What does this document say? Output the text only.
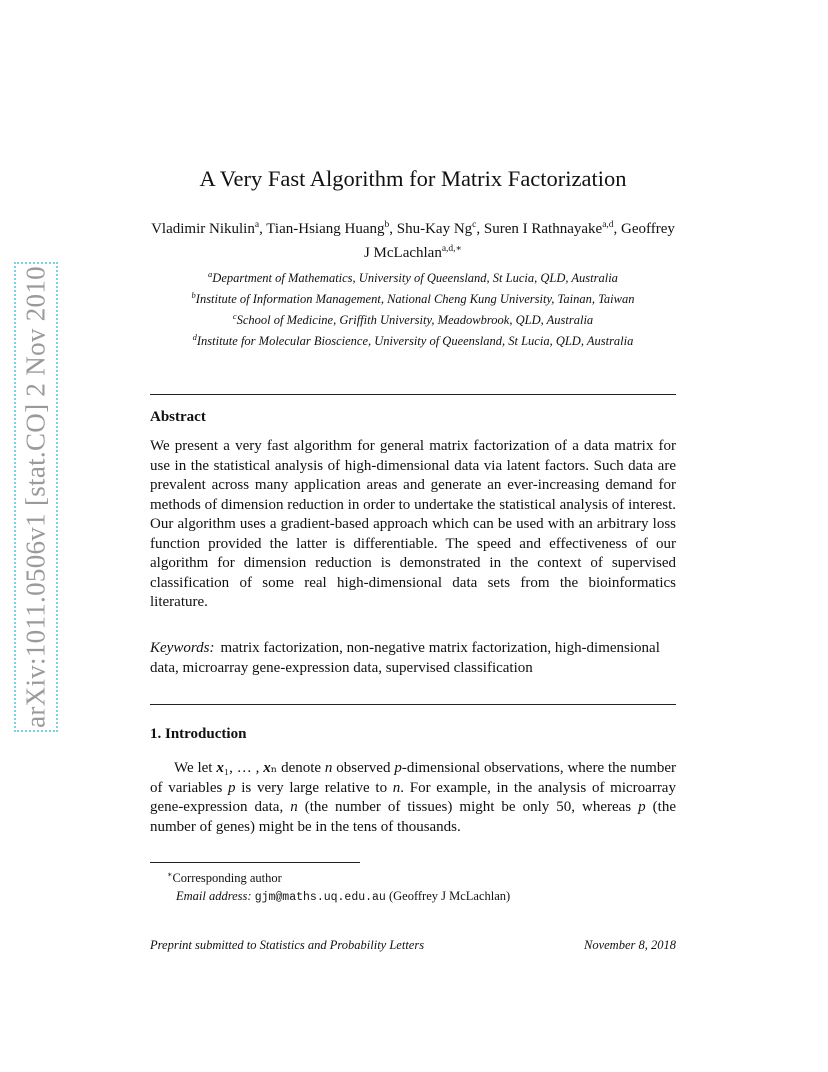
arXiv:1011.0506v1 [stat.CO] 2 Nov 2010
A Very Fast Algorithm for Matrix Factorization
Vladimir Nikulin$^a$, Tian-Hsiang Huang$^b$, Shu-Kay Ng$^c$, Suren I Rathnayake$^{a,d}$, Geoffrey J McLachlan$^{a,d,∗}$
$^a$Department of Mathematics, University of Queensland, St Lucia, QLD, Australia
$^b$Institute of Information Management, National Cheng Kung University, Tainan, Taiwan
$^c$School of Medicine, Griffith University, Meadowbrook, QLD, Australia
$^d$Institute for Molecular Bioscience, University of Queensland, St Lucia, QLD, Australia
Abstract
We present a very fast algorithm for general matrix factorization of a data matrix for use in the statistical analysis of high-dimensional data via latent factors. Such data are prevalent across many application areas and generate an ever-increasing demand for methods of dimension reduction in order to undertake the statistical analysis of interest. Our algorithm uses a gradient-based approach which can be used with an arbitrary loss function provided the latter is differentiable. The speed and effectiveness of our algorithm for dimension reduction is demonstrated in the context of supervised classification of some real high-dimensional data sets from the bioinformatics literature.
Keywords: matrix factorization, non-negative matrix factorization, high-dimensional data, microarray gene-expression data, supervised classification
1. Introduction
We let x₁, … , xₙ denote n observed p-dimensional observations, where the number of variables p is very large relative to n. For example, in the analysis of microarray gene-expression data, n (the number of tissues) might be only 50, whereas p (the number of genes) might be in the tens of thousands.
∗Corresponding author
Email address: gjm@maths.uq.edu.au (Geoffrey J McLachlan)
Preprint submitted to Statistics and Probability Letters	November 8, 2018
